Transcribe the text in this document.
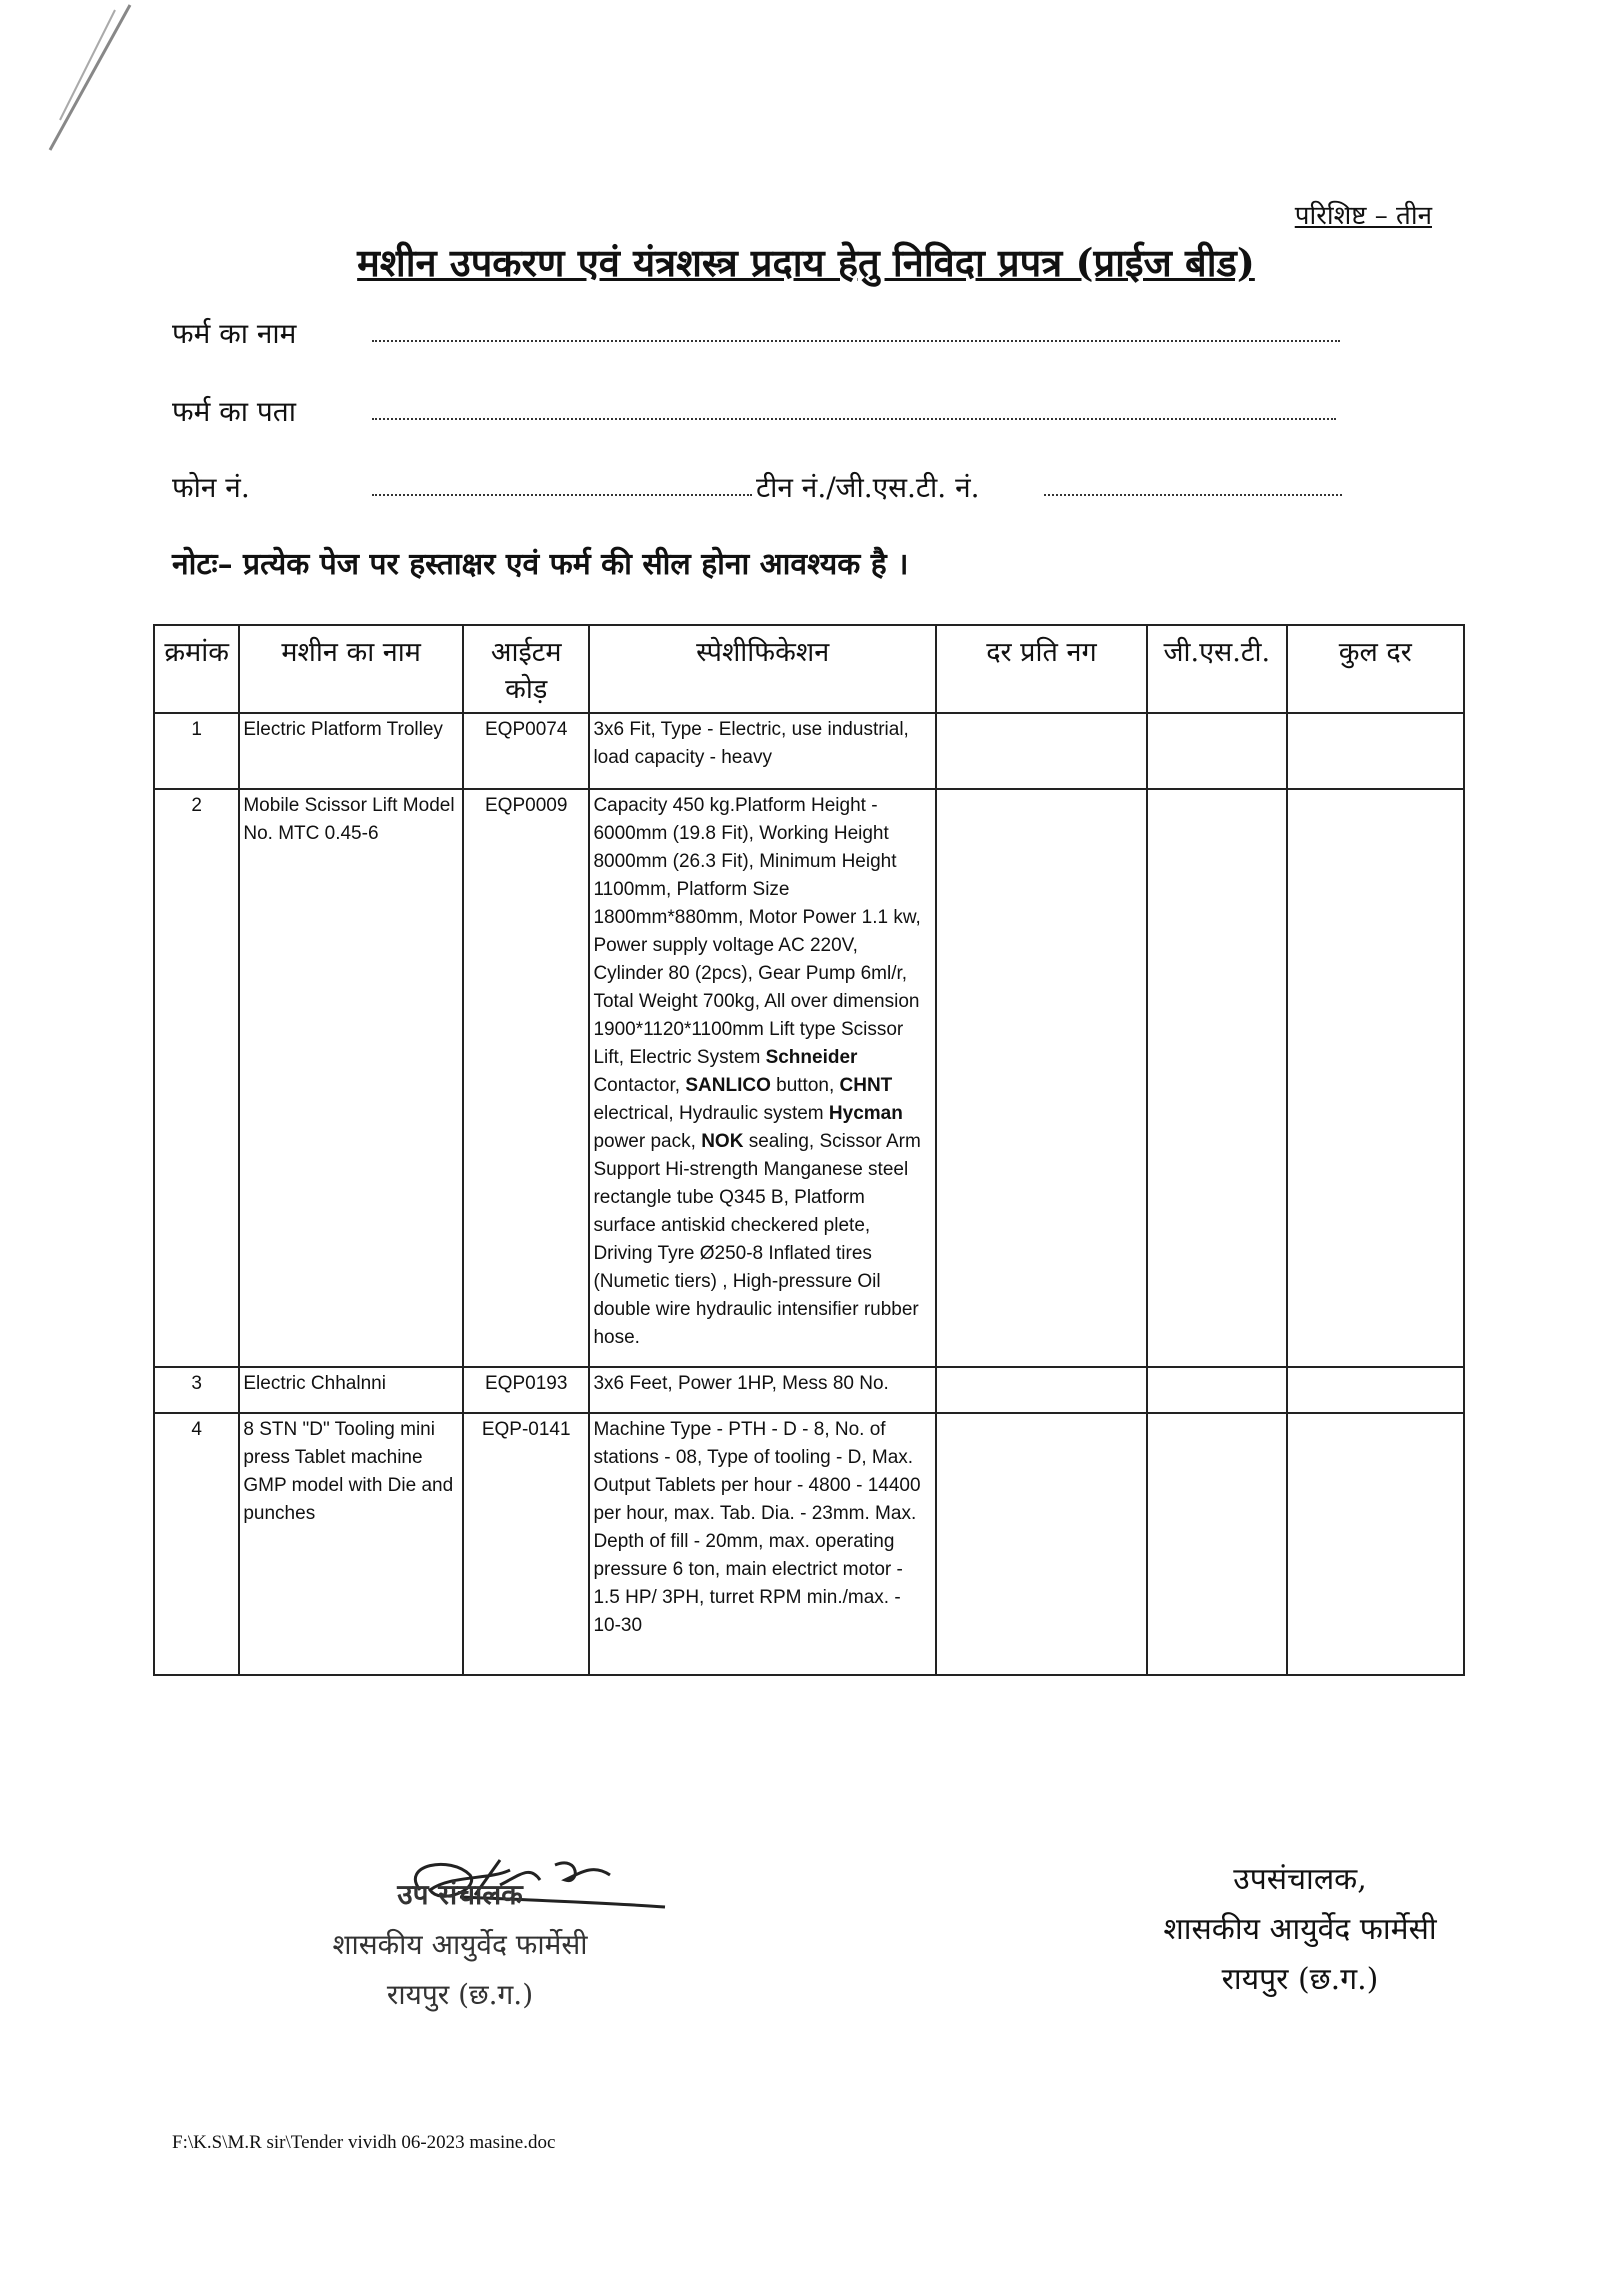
परिशिष्ट – तीन
मशीन उपकरण एवं यंत्रशस्त्र प्रदाय हेतु निविदा प्रपत्र (प्राईज बीड)
फर्म का नाम
फर्म का पता
फोन नं.	टीन नं./जी.एस.टी. नं.
नोटः– प्रत्येक पेज पर हस्ताक्षर एवं फर्म की सील होना आवश्यक है ।
क्रमांक	मशीन का नाम	आईटम कोड़	स्पेशीफिकेशन	दर प्रति नग	जी.एस.टी.	कुल दर
1	Electric Platform Trolley	EQP0074	3x6 Fit, Type - Electric, use industrial, load capacity - heavy			
2	Mobile Scissor Lift Model No. MTC 0.45-6	EQP0009	Capacity 450 kg.Platform Height - 6000mm (19.8 Fit), Working Height 8000mm (26.3 Fit), Minimum Height 1100mm, Platform Size 1800mm*880mm, Motor Power 1.1 kw, Power supply voltage AC 220V, Cylinder 80 (2pcs), Gear Pump 6ml/r, Total Weight 700kg, All over dimension 1900*1120*1100mm Lift type Scissor Lift, Electric System Schneider Contactor, SANLICO button, CHNT electrical, Hydraulic system Hycman power pack, NOK sealing, Scissor Arm Support Hi-strength Manganese steel rectangle tube Q345 B, Platform surface antiskid checkered plete, Driving Tyre Ø250-8 Inflated tires (Numetic tiers) , High-pressure Oil double wire hydraulic intensifier rubber hose.			
3	Electric Chhalnni	EQP0193	3x6 Feet, Power 1HP, Mess 80 No.			
4	8 STN "D" Tooling mini press Tablet machine GMP model with Die and punches	EQP-0141	Machine Type - PTH - D - 8, No. of stations - 08, Type of tooling - D, Max. Output Tablets per hour - 4800 - 14400 per hour, max. Tab. Dia. - 23mm. Max. Depth of fill - 20mm, max. operating pressure 6 ton, main electrict motor - 1.5 HP/ 3PH, turret RPM min./max. - 10-30			
उप संचालक
शासकीय आयुर्वेद फार्मेसी
रायपुर (छ.ग.)
उपसंचालक,
शासकीय आयुर्वेद फार्मेसी
रायपुर (छ.ग.)
F:\K.S\M.R sir\Tender vividh 06-2023 masine.doc
